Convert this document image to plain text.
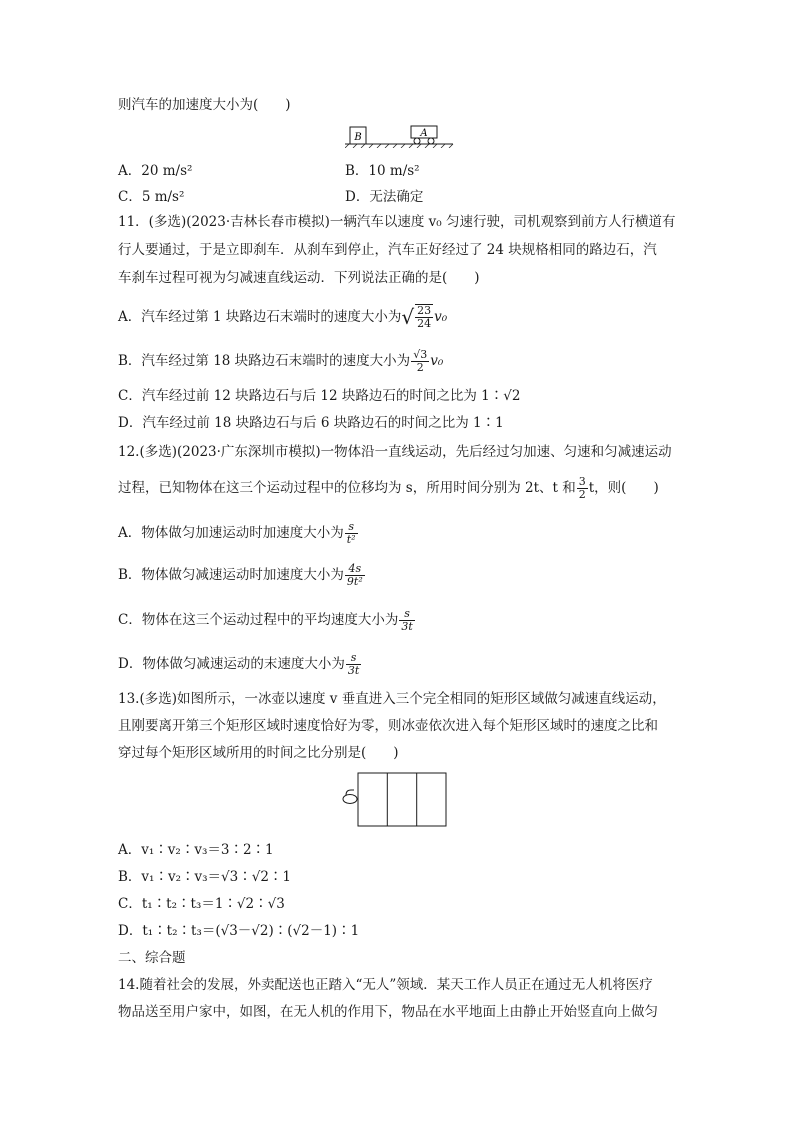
则汽车的加速度大小为(　　)
B	A
A．20 m/s²	B．10 m/s²
C．5 m/s²	D．无法确定
11．(多选)(2023·吉林长春市模拟)一辆汽车以速度 v₀ 匀速行驶，司机观察到前方人行横道有
行人要通过，于是立即刹车．从刹车到停止，汽车正好经过了 24 块规格相同的路边石，汽
车刹车过程可视为匀减速直线运动．下列说法正确的是(　　)
A．汽车经过第 1 块路边石末端时的速度大小为 √ $\frac{23}{24} v_0$
B．汽车经过第 18 块路边石末端时的速度大小为 $\frac{√3}{2} v_0$
C．汽车经过前 12 块路边石与后 12 块路边石的时间之比为 1∶√2
D．汽车经过前 18 块路边石与后 6 块路边石的时间之比为 1∶1
12.(多选)(2023·广东深圳市模拟)一物体沿一直线运动，先后经过匀加速、匀速和匀减速运动
过程，已知物体在这三个运动过程中的位移均为 s，所用时间分别为 2t、t 和 $\frac{3}{2}$ t，则(　　)
A．物体做匀加速运动时加速度大小为 $\frac{s}{\text{t²}}$
B．物体做匀减速运动时加速度大小为 $\frac{4s}{\text{9t²}}$
C．物体在这三个运动过程中的平均速度大小为 $\frac{s}{3t}$
D．物体做匀减速运动的末速度大小为 $\frac{s}{3t}$
13.(多选)如图所示，一冰壶以速度 v 垂直进入三个完全相同的矩形区域做匀减速直线运动，
且刚要离开第三个矩形区域时速度恰好为零，则冰壶依次进入每个矩形区域时的速度之比和
穿过每个矩形区域所用的时间之比分别是(　　)
A．v₁∶v₂∶v₃＝3∶2∶1
B．v₁∶v₂∶v₃＝√3∶√2∶1
C．t₁∶t₂∶t₃＝1∶√2∶√3
D．t₁∶t₂∶t₃＝(√3－√2)∶(√2－1)∶1
二、综合题
14.随着社会的发展，外卖配送也正踏入“无人”领域．某天工作人员正在通过无人机将医疗
物品送至用户家中，如图，在无人机的作用下，物品在水平地面上由静止开始竖直向上做匀
